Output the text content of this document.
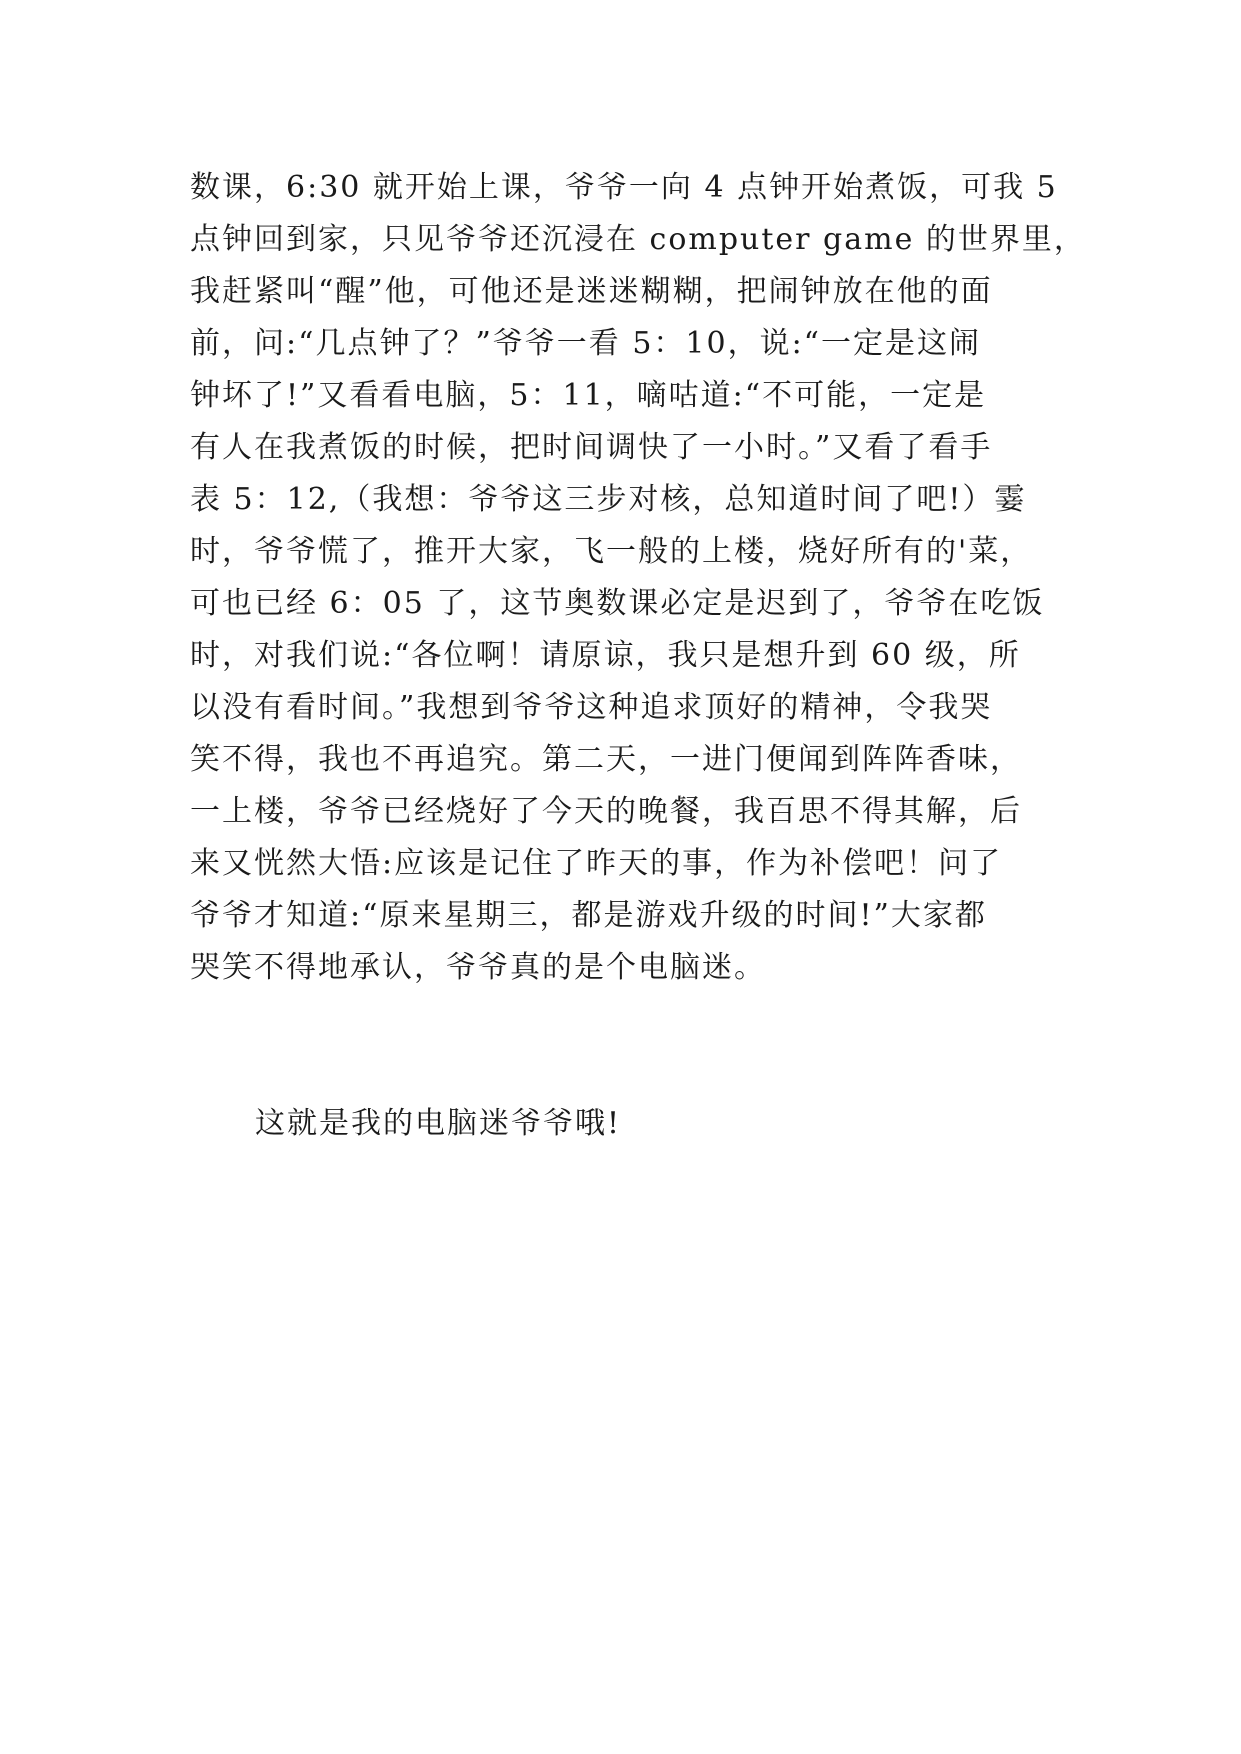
数课，6:30 就开始上课，爷爷一向 4 点钟开始煮饭，可我 5
点钟回到家，只见爷爷还沉浸在 computer game 的世界里，
我赶紧叫“醒”他，可他还是迷迷糊糊，把闹钟放在他的面
前，问:“几点钟了？”爷爷一看 5：10，说:“一定是这闹
钟坏了!”又看看电脑，5：11，嘀咕道:“不可能，一定是
有人在我煮饭的时候，把时间调快了一小时。”又看了看手
表 5：12,（我想：爷爷这三步对核，总知道时间了吧!）霎
时，爷爷慌了，推开大家，飞一般的上楼，烧好所有的'菜，
可也已经 6：05 了，这节奥数课必定是迟到了，爷爷在吃饭
时，对我们说:“各位啊！请原谅，我只是想升到 60 级，所
以没有看时间。”我想到爷爷这种追求顶好的精神，令我哭
笑不得，我也不再追究。第二天，一进门便闻到阵阵香味，
一上楼，爷爷已经烧好了今天的晚餐，我百思不得其解，后
来又恍然大悟:应该是记住了昨天的事，作为补偿吧！问了
爷爷才知道:“原来星期三，都是游戏升级的时间!”大家都
哭笑不得地承认，爷爷真的是个电脑迷。
这就是我的电脑迷爷爷哦!
